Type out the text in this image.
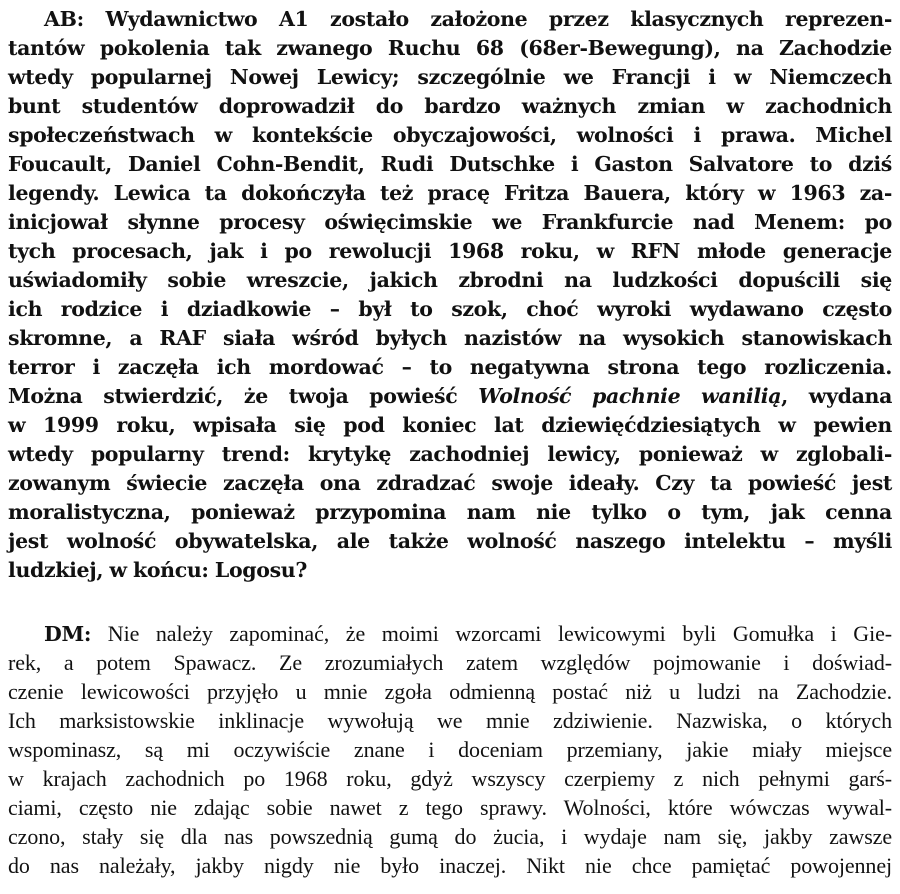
AB: Wydawnictwo A1 zostało założone przez klasycznych reprezen-
tantów pokolenia tak zwanego Ruchu 68 (68er-Bewegung), na Zachodzie
wtedy popularnej Nowej Lewicy; szczególnie we Francji i w Niemczech
bunt studentów doprowadził do bardzo ważnych zmian w zachodnich
społeczeństwach w kontekście obyczajowości, wolności i prawa. Michel
Foucault, Daniel Cohn-Bendit, Rudi Dutschke i Gaston Salvatore to dziś
legendy. Lewica ta dokończyła też pracę Fritza Bauera, który w 1963 za-
inicjował słynne procesy oświęcimskie we Frankfurcie nad Menem: po
tych procesach, jak i po rewolucji 1968 roku, w RFN młode generacje
uświadomiły sobie wreszcie, jakich zbrodni na ludzkości dopuścili się
ich rodzice i dziadkowie – był to szok, choć wyroki wydawano często
skromne, a RAF siała wśród byłych nazistów na wysokich stanowiskach
terror i zaczęła ich mordować – to negatywna strona tego rozliczenia.
Można stwierdzić, że twoja powieść Wolność pachnie wanilią, wydana
w 1999 roku, wpisała się pod koniec lat dziewięćdziesiątych w pewien
wtedy popularny trend: krytykę zachodniej lewicy, ponieważ w zglobali-
zowanym świecie zaczęła ona zdradzać swoje ideały. Czy ta powieść jest
moralistyczna, ponieważ przypomina nam nie tylko o tym, jak cenna
jest wolność obywatelska, ale także wolność naszego intelektu – myśli
ludzkiej, w końcu: Logosu?
DM: Nie należy zapominać, że moimi wzorcami lewicowymi byli Gomułka i Gie-
rek, a potem Spawacz. Ze zrozumiałych zatem względów pojmowanie i doświad-
czenie lewicowości przyjęło u mnie zgoła odmienną postać niż u ludzi na Zachodzie.
Ich marksistowskie inklinacje wywołują we mnie zdziwienie. Nazwiska, o których
wspominasz, są mi oczywiście znane i doceniam przemiany, jakie miały miejsce
w krajach zachodnich po 1968 roku, gdyż wszyscy czerpiemy z nich pełnymi garś-
ciami, często nie zdając sobie nawet z tego sprawy. Wolności, które wówczas wywal-
czono, stały się dla nas powszednią gumą do żucia, i wydaje nam się, jakby zawsze
do nas należały, jakby nigdy nie było inaczej. Nikt nie chce pamiętać powojennej
